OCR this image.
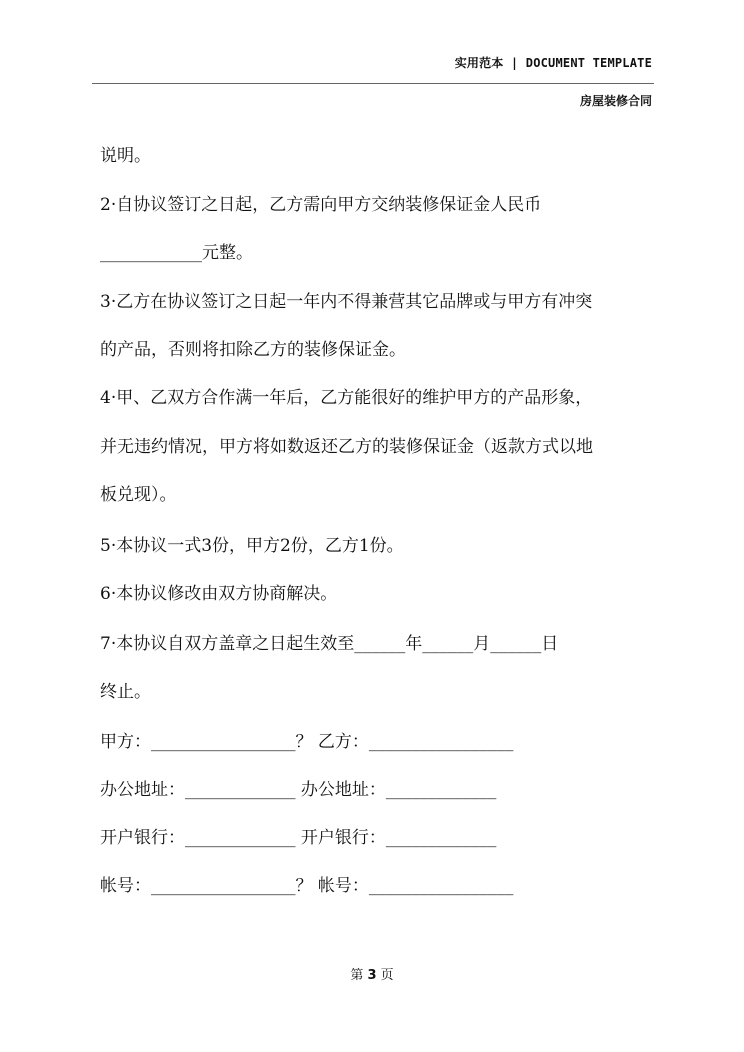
实用范本 | DOCUMENT TEMPLATE
房屋装修合同
说明。
2·自协议签订之日起，乙方需向甲方交纳装修保证金人民币
____________元整。
3·乙方在协议签订之日起一年内不得兼营其它品牌或与甲方有冲突
的产品，否则将扣除乙方的装修保证金。
4·甲、乙双方合作满一年后，乙方能很好的维护甲方的产品形象，
并无违约情况，甲方将如数返还乙方的装修保证金（返款方式以地
板兑现）。
5·本协议一式3份，甲方2份，乙方1份。
6·本协议修改由双方协商解决。
7·本协议自双方盖章之日起生效至______年______月______日
终止。
甲方：_________________？ 乙方：_________________
办公地址：_____________ 办公地址：_____________
开户银行：_____________ 开户银行：_____________
帐号：_________________？ 帐号：_________________
第 3 页
